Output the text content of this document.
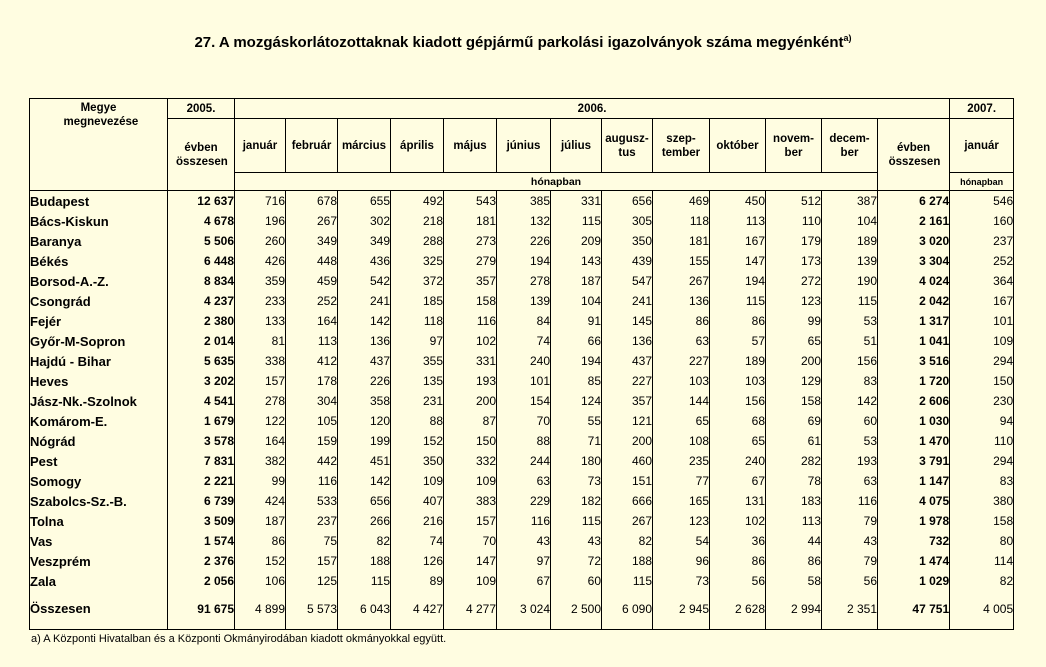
27. A mozgáskorlátozottaknak kiadott gépjármű parkolási igazolványok száma megyénként$^{a)}$
Megye megnevezése	2005.	2006.													2007.
	évben összesen	január	február	március	április	május	június	július	augusz-tus	szep-tember	október	novem-ber	decem-ber	évben összesen	január
		hónapban													hónapban
Budapest	12 637	716	678	655	492	543	385	331	656	469	450	512	387	6 274	546
Bács-Kiskun	4 678	196	267	302	218	181	132	115	305	118	113	110	104	2 161	160
Baranya	5 506	260	349	349	288	273	226	209	350	181	167	179	189	3 020	237
Békés	6 448	426	448	436	325	279	194	143	439	155	147	173	139	3 304	252
Borsod-A.-Z.	8 834	359	459	542	372	357	278	187	547	267	194	272	190	4 024	364
Csongrád	4 237	233	252	241	185	158	139	104	241	136	115	123	115	2 042	167
Fejér	2 380	133	164	142	118	116	84	91	145	86	86	99	53	1 317	101
Győr-M-Sopron	2 014	81	113	136	97	102	74	66	136	63	57	65	51	1 041	109
Hajdú - Bihar	5 635	338	412	437	355	331	240	194	437	227	189	200	156	3 516	294
Heves	3 202	157	178	226	135	193	101	85	227	103	103	129	83	1 720	150
Jász-Nk.-Szolnok	4 541	278	304	358	231	200	154	124	357	144	156	158	142	2 606	230
Komárom-E.	1 679	122	105	120	88	87	70	55	121	65	68	69	60	1 030	94
Nógrád	3 578	164	159	199	152	150	88	71	200	108	65	61	53	1 470	110
Pest	7 831	382	442	451	350	332	244	180	460	235	240	282	193	3 791	294
Somogy	2 221	99	116	142	109	109	63	73	151	77	67	78	63	1 147	83
Szabolcs-Sz.-B.	6 739	424	533	656	407	383	229	182	666	165	131	183	116	4 075	380
Tolna	3 509	187	237	266	216	157	116	115	267	123	102	113	79	1 978	158
Vas	1 574	86	75	82	74	70	43	43	82	54	36	44	43	732	80
Veszprém	2 376	152	157	188	126	147	97	72	188	96	86	86	79	1 474	114
Zala	2 056	106	125	115	89	109	67	60	115	73	56	58	56	1 029	82
Összesen	91 675	4 899	5 573	6 043	4 427	4 277	3 024	2 500	6 090	2 945	2 628	2 994	2 351	47 751	4 005
a) A Központi Hivatalban és a Központi Okmányirodában kiadott okmányokkal együtt.
